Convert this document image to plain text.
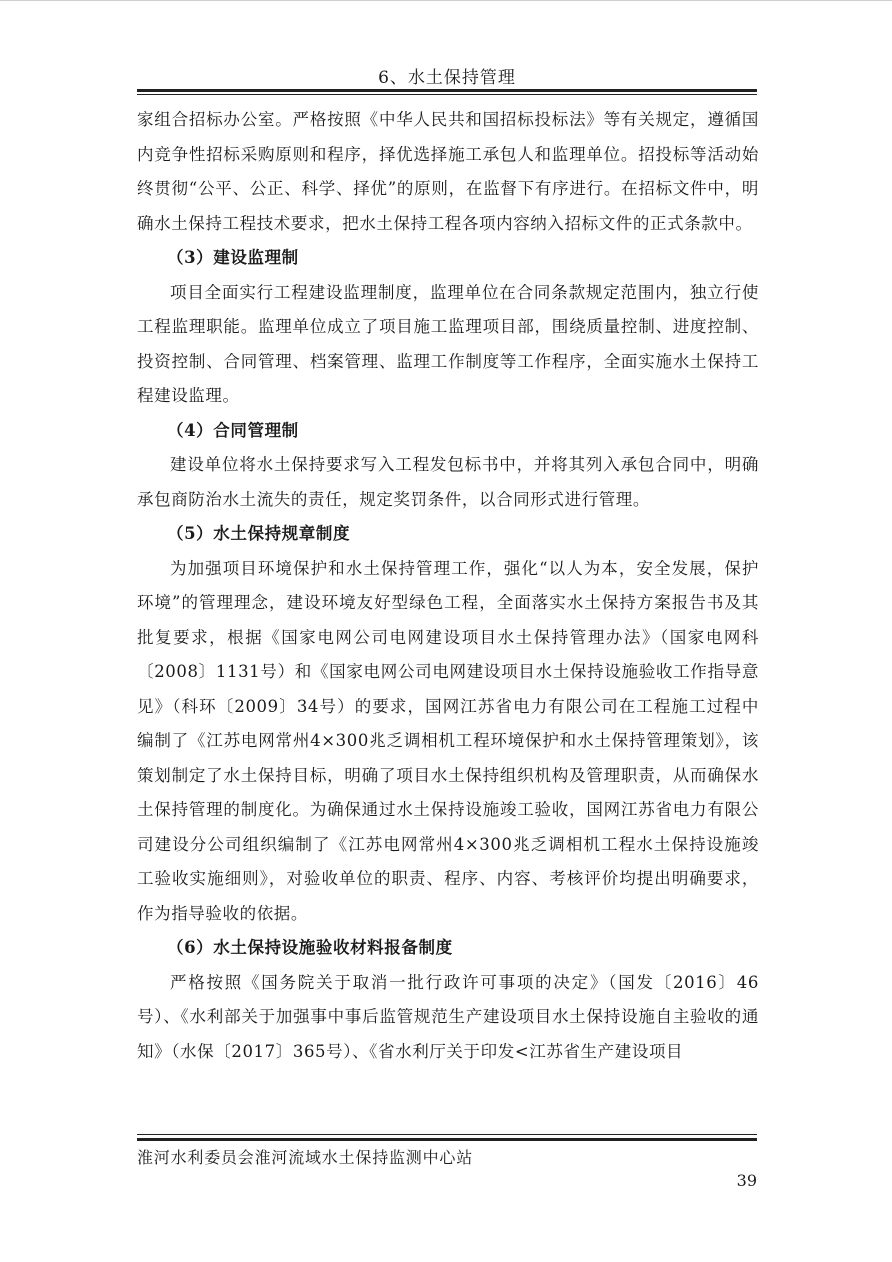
6、水土保持管理

家组合招标办公室。严格按照《中华人民共和国招标投标法》等有关规定，遵循国内竞争性招标采购原则和程序，择优选择施工承包人和监理单位。招投标等活动始终贯彻“公平、公正、科学、择优”的原则，在监督下有序进行。在招标文件中，明确水土保持工程技术要求，把水土保持工程各项内容纳入招标文件的正式条款中。

（3）建设监理制

项目全面实行工程建设监理制度，监理单位在合同条款规定范围内，独立行使工程监理职能。监理单位成立了项目施工监理项目部，围绕质量控制、进度控制、投资控制、合同管理、档案管理、监理工作制度等工作程序，全面实施水土保持工程建设监理。

（4）合同管理制

建设单位将水土保持要求写入工程发包标书中，并将其列入承包合同中，明确承包商防治水土流失的责任，规定奖罚条件，以合同形式进行管理。

（5）水土保持规章制度

为加强项目环境保护和水土保持管理工作，强化“以人为本，安全发展，保护环境”的管理理念，建设环境友好型绿色工程，全面落实水土保持方案报告书及其批复要求，根据《国家电网公司电网建设项目水土保持管理办法》（国家电网科〔2008〕1131号）和《国家电网公司电网建设项目水土保持设施验收工作指导意见》（科环〔2009〕34号）的要求，国网江苏省电力有限公司在工程施工过程中编制了《江苏电网常州4×300兆乏调相机工程环境保护和水土保持管理策划》，该策划制定了水土保持目标，明确了项目水土保持组织机构及管理职责，从而确保水土保持管理的制度化。为确保通过水土保持设施竣工验收，国网江苏省电力有限公司建设分公司组织编制了《江苏电网常州4×300兆乏调相机工程水土保持设施竣工验收实施细则》，对验收单位的职责、程序、内容、考核评价均提出明确要求，作为指导验收的依据。

（6）水土保持设施验收材料报备制度

严格按照《国务院关于取消一批行政许可事项的决定》（国发〔2016〕46号）、《水利部关于加强事中事后监管规范生产建设项目水土保持设施自主验收的通知》（水保〔2017〕365号）、《省水利厅关于印发<江苏省生产建设项目

淮河水利委员会淮河流域水土保持监测中心站
39
